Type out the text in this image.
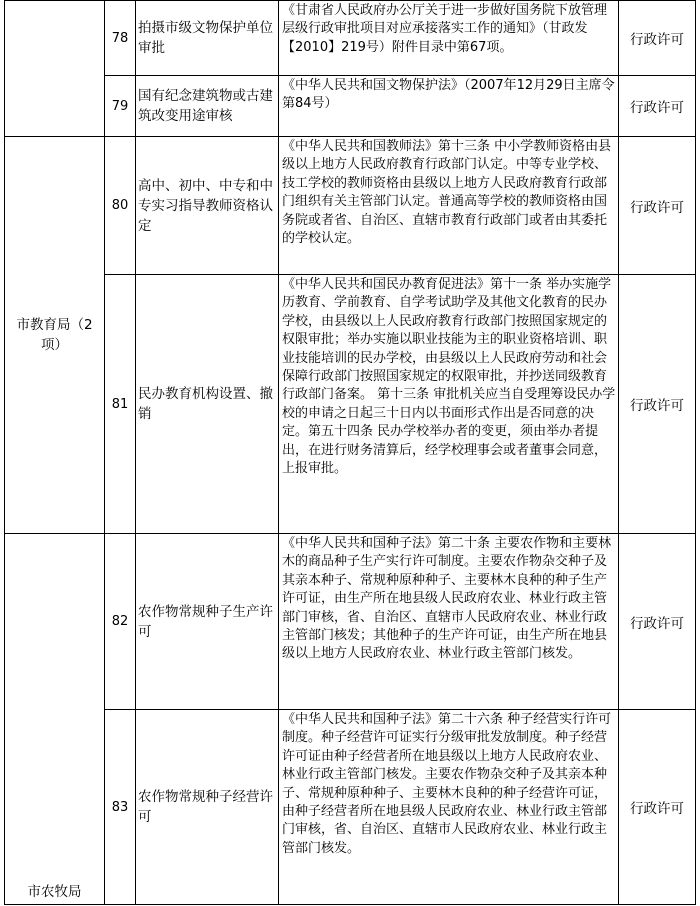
	78	拍摄市级文物保护单位审批	《甘肃省人民政府办公厅关于进一步做好国务院下放管理层级行政审批项目对应承接落实工作的通知》（甘政发【2010】219号）附件目录中第67项。	行政许可
	79	国有纪念建筑物或古建筑改变用途审核	《中华人民共和国文物保护法》（2007年12月29日主席令第84号）	行政许可
市教育局（2项）	80	高中、初中、中专和中专实习指导教师资格认定	《中华人民共和国教师法》第十三条 中小学教师资格由县级以上地方人民政府教育行政部门认定。中等专业学校、技工学校的教师资格由县级以上地方人民政府教育行政部门组织有关主管部门认定。普通高等学校的教师资格由国务院或者省、自治区、直辖市教育行政部门或者由其委托的学校认定。	行政许可
	81	民办教育机构设置、撤销	《中华人民共和国民办教育促进法》第十一条 举办实施学历教育、学前教育、自学考试助学及其他文化教育的民办学校，由县级以上人民政府教育行政部门按照国家规定的权限审批；举办实施以职业技能为主的职业资格培训、职业技能培训的民办学校，由县级以上人民政府劳动和社会保障行政部门按照国家规定的权限审批，并抄送同级教育行政部门备案。 第十三条 审批机关应当自受理筹设民办学校的申请之日起三十日内以书面形式作出是否同意的决定。第五十四条 民办学校举办者的变更，须由举办者提出，在进行财务清算后，经学校理事会或者董事会同意，上报审批。	行政许可
市农牧局	82	农作物常规种子生产许可	《中华人民共和国种子法》第二十条 主要农作物和主要林木的商品种子生产实行许可制度。主要农作物杂交种子及其亲本种子、常规种原种种子、主要林木良种的种子生产许可证，由生产所在地县级人民政府农业、林业行政主管部门审核，省、自治区、直辖市人民政府农业、林业行政主管部门核发；其他种子的生产许可证，由生产所在地县级以上地方人民政府农业、林业行政主管部门核发。	行政许可
	83	农作物常规种子经营许可	《中华人民共和国种子法》第二十六条 种子经营实行许可制度。种子经营许可证实行分级审批发放制度。种子经营许可证由种子经营者所在地县级以上地方人民政府农业、林业行政主管部门核发。主要农作物杂交种子及其亲本种子、常规种原种种子、主要林木良种的种子经营许可证，由种子经营者所在地县级人民政府农业、林业行政主管部门审核，省、自治区、直辖市人民政府农业、林业行政主管部门核发。	行政许可
